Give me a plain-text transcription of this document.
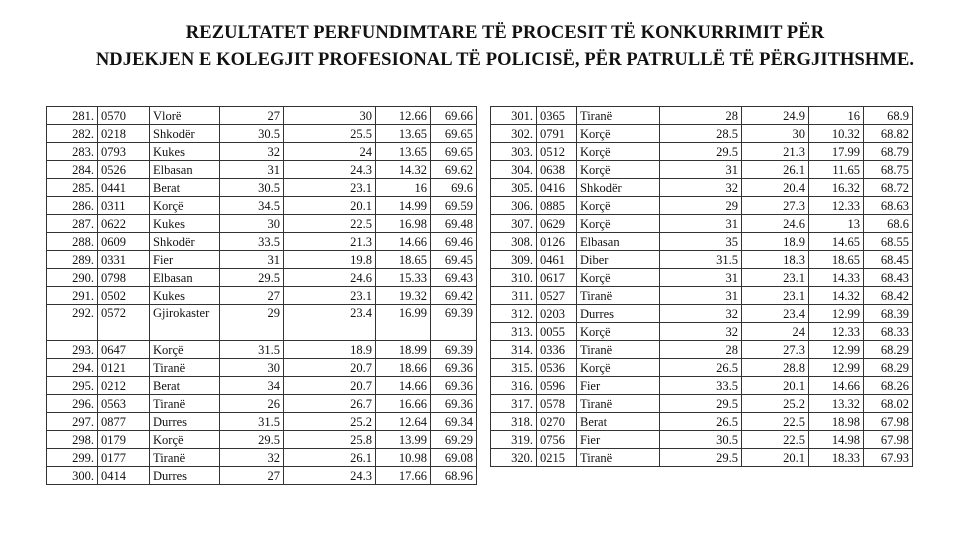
REZULTATET PERFUNDIMTARE TË PROCESIT TË KONKURRIMIT PËR
NDJEKJEN E KOLEGJIT PROFESIONAL TË POLICISË, PËR PATRULLË TË PËRGJITHSHME.
281.	0570	Vlorë	27	30	12.66	69.66
282.	0218	Shkodër	30.5	25.5	13.65	69.65
283.	0793	Kukes	32	24	13.65	69.65
284.	0526	Elbasan	31	24.3	14.32	69.62
285.	0441	Berat	30.5	23.1	16	69.6
286.	0311	Korçë	34.5	20.1	14.99	69.59
287.	0622	Kukes	30	22.5	16.98	69.48
288.	0609	Shkodër	33.5	21.3	14.66	69.46
289.	0331	Fier	31	19.8	18.65	69.45
290.	0798	Elbasan	29.5	24.6	15.33	69.43
291.	0502	Kukes	27	23.1	19.32	69.42
292.	0572	Gjirokaster	29	23.4	16.99	69.39
293.	0647	Korçë	31.5	18.9	18.99	69.39
294.	0121	Tiranë	30	20.7	18.66	69.36
295.	0212	Berat	34	20.7	14.66	69.36
296.	0563	Tiranë	26	26.7	16.66	69.36
297.	0877	Durres	31.5	25.2	12.64	69.34
298.	0179	Korçë	29.5	25.8	13.99	69.29
299.	0177	Tiranë	32	26.1	10.98	69.08
300.	0414	Durres	27	24.3	17.66	68.96
301.	0365	Tiranë	28	24.9	16	68.9
302.	0791	Korçë	28.5	30	10.32	68.82
303.	0512	Korçë	29.5	21.3	17.99	68.79
304.	0638	Korçë	31	26.1	11.65	68.75
305.	0416	Shkodër	32	20.4	16.32	68.72
306.	0885	Korçë	29	27.3	12.33	68.63
307.	0629	Korçë	31	24.6	13	68.6
308.	0126	Elbasan	35	18.9	14.65	68.55
309.	0461	Diber	31.5	18.3	18.65	68.45
310.	0617	Korçë	31	23.1	14.33	68.43
311.	0527	Tiranë	31	23.1	14.32	68.42
312.	0203	Durres	32	23.4	12.99	68.39
313.	0055	Korçë	32	24	12.33	68.33
314.	0336	Tiranë	28	27.3	12.99	68.29
315.	0536	Korçë	26.5	28.8	12.99	68.29
316.	0596	Fier	33.5	20.1	14.66	68.26
317.	0578	Tiranë	29.5	25.2	13.32	68.02
318.	0270	Berat	26.5	22.5	18.98	67.98
319.	0756	Fier	30.5	22.5	14.98	67.98
320.	0215	Tiranë	29.5	20.1	18.33	67.93
